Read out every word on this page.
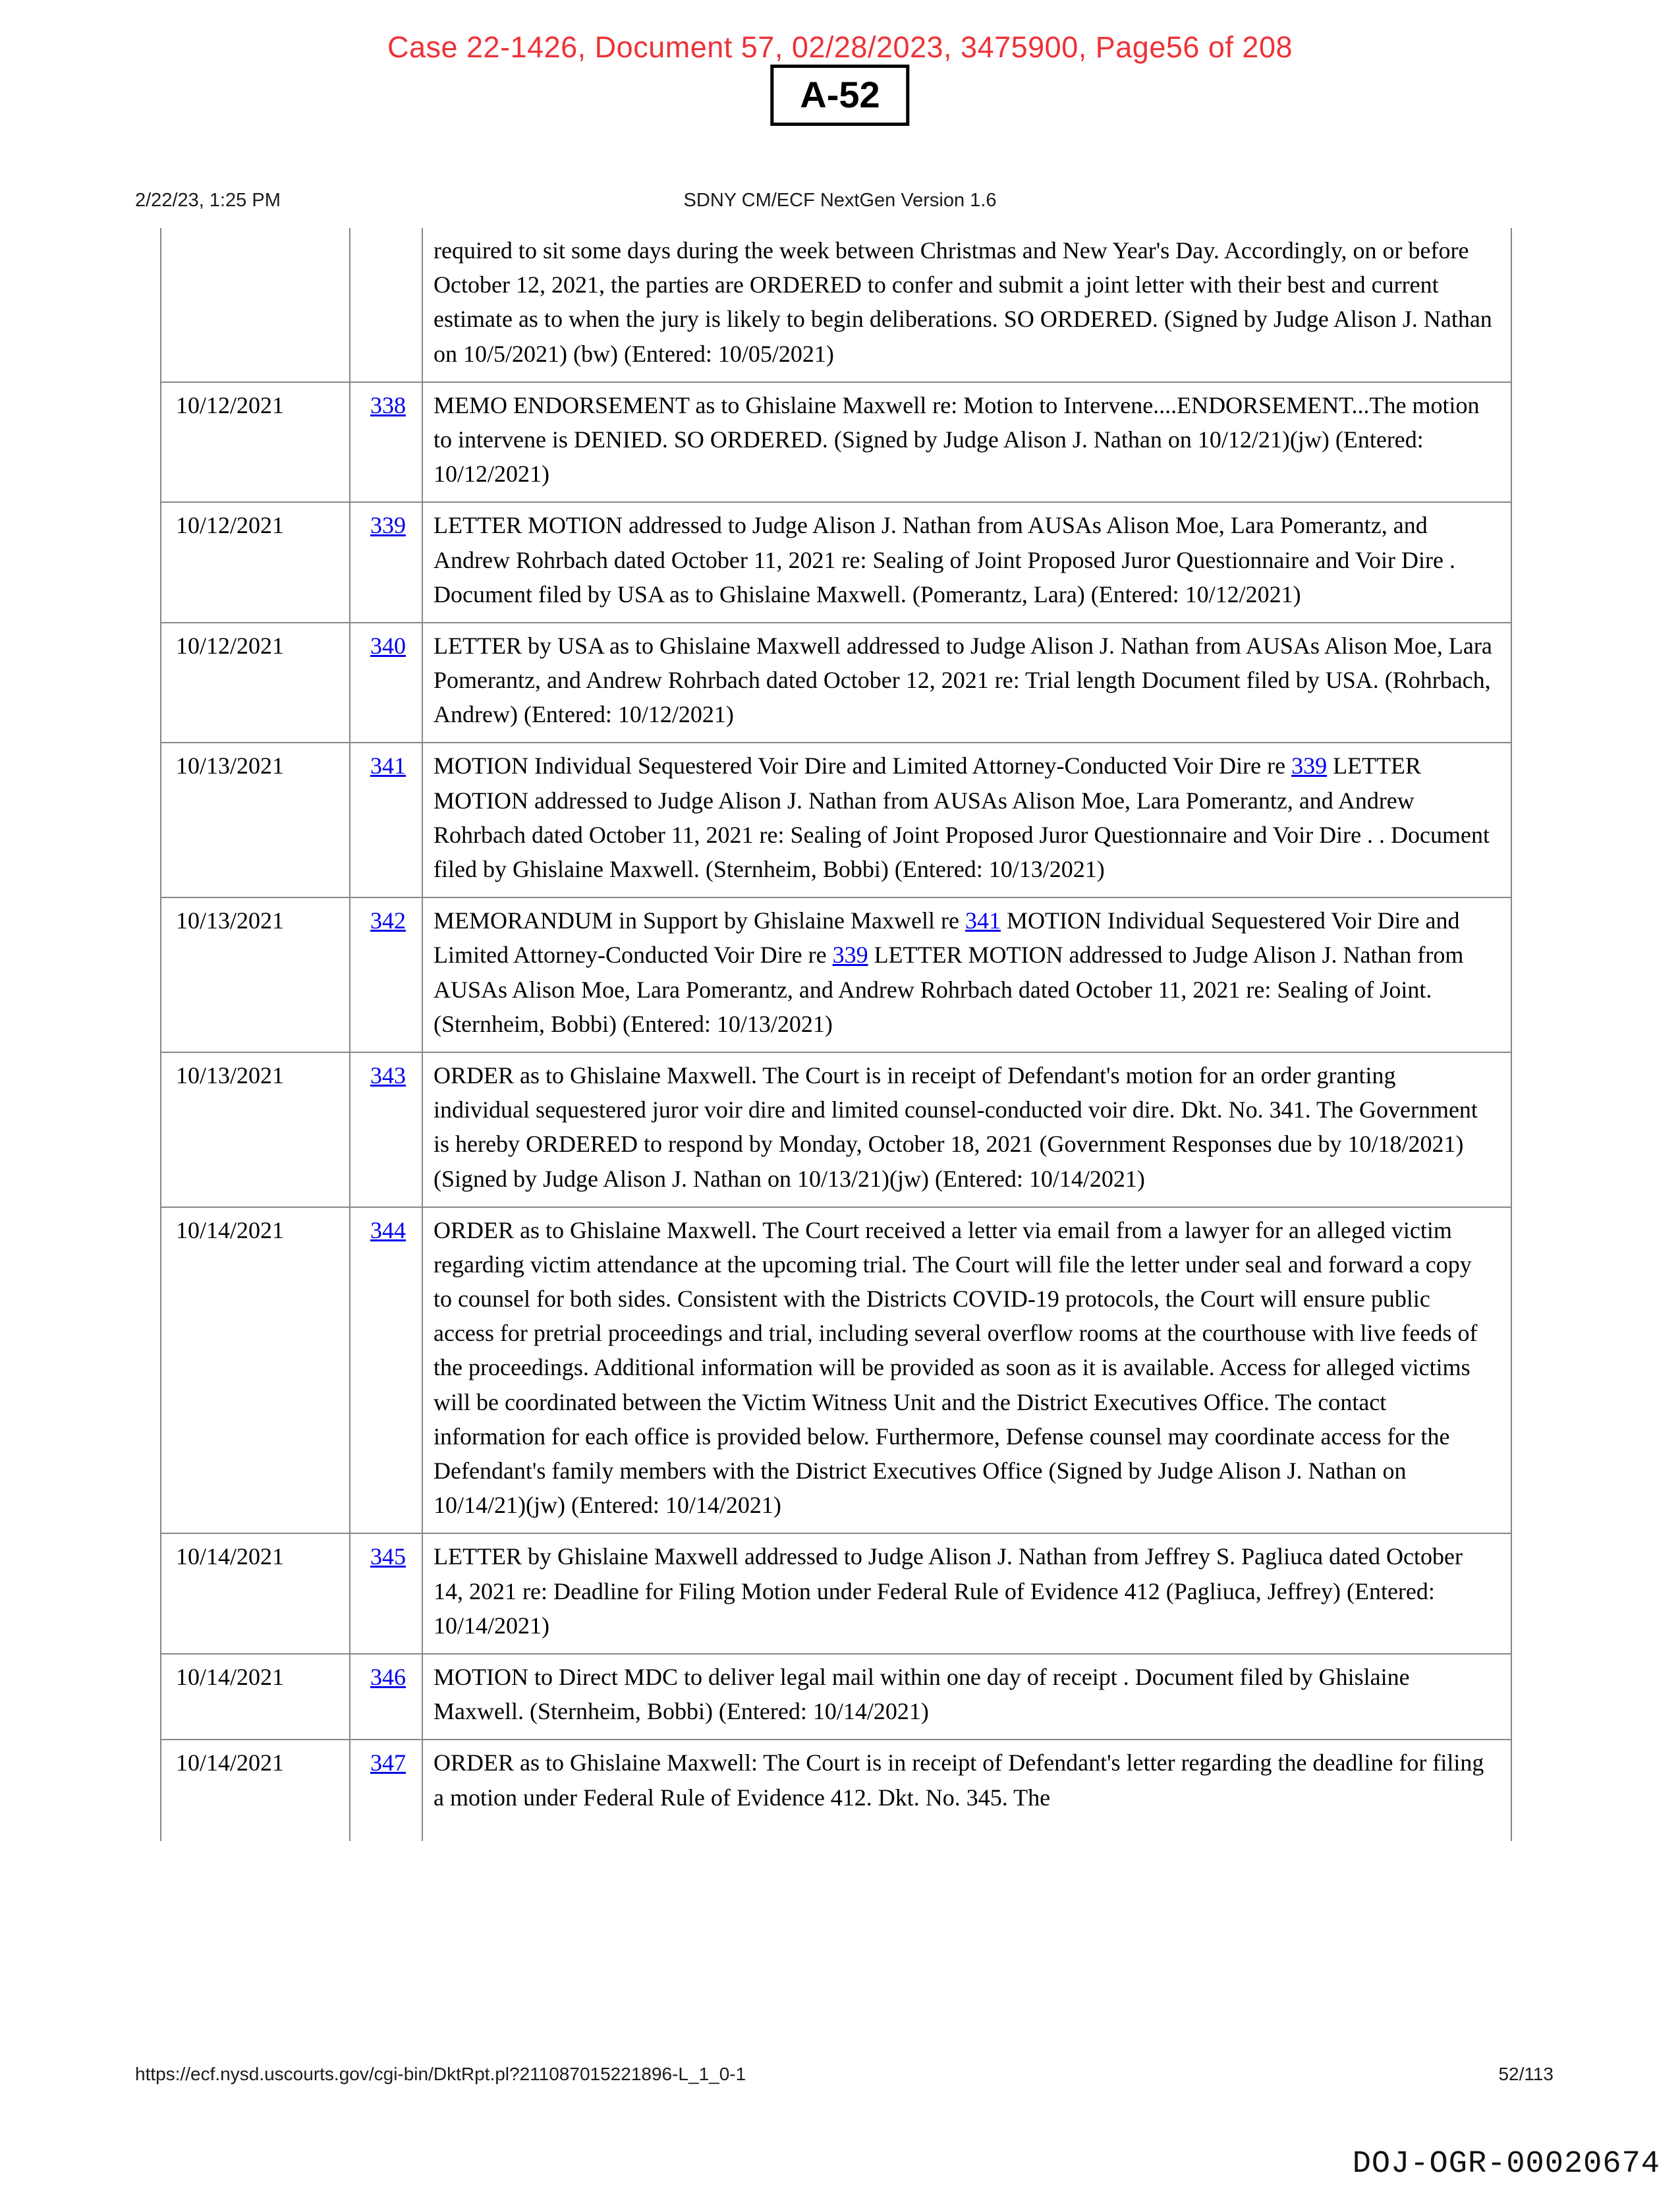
Case 22-1426, Document 57, 02/28/2023, 3475900, Page56 of 208
A-52
2/22/23, 1:25 PM	SDNY CM/ECF NextGen Version 1.6
		required to sit some days during the week between Christmas and New Year's Day. Accordingly, on or before October 12, 2021, the parties are ORDERED to confer and submit a joint letter with their best and current estimate as to when the jury is likely to begin deliberations. SO ORDERED. (Signed by Judge Alison J. Nathan on 10/5/2021) (bw) (Entered: 10/05/2021)
10/12/2021	338	MEMO ENDORSEMENT as to Ghislaine Maxwell re: Motion to Intervene....ENDORSEMENT...The motion to intervene is DENIED. SO ORDERED. (Signed by Judge Alison J. Nathan on 10/12/21)(jw) (Entered: 10/12/2021)
10/12/2021	339	LETTER MOTION addressed to Judge Alison J. Nathan from AUSAs Alison Moe, Lara Pomerantz, and Andrew Rohrbach dated October 11, 2021 re: Sealing of Joint Proposed Juror Questionnaire and Voir Dire . Document filed by USA as to Ghislaine Maxwell. (Pomerantz, Lara) (Entered: 10/12/2021)
10/12/2021	340	LETTER by USA as to Ghislaine Maxwell addressed to Judge Alison J. Nathan from AUSAs Alison Moe, Lara Pomerantz, and Andrew Rohrbach dated October 12, 2021 re: Trial length Document filed by USA. (Rohrbach, Andrew) (Entered: 10/12/2021)
10/13/2021	341	MOTION Individual Sequestered Voir Dire and Limited Attorney-Conducted Voir Dire re 339 LETTER MOTION addressed to Judge Alison J. Nathan from AUSAs Alison Moe, Lara Pomerantz, and Andrew Rohrbach dated October 11, 2021 re: Sealing of Joint Proposed Juror Questionnaire and Voir Dire . . Document filed by Ghislaine Maxwell. (Sternheim, Bobbi) (Entered: 10/13/2021)
10/13/2021	342	MEMORANDUM in Support by Ghislaine Maxwell re 341 MOTION Individual Sequestered Voir Dire and Limited Attorney-Conducted Voir Dire re 339 LETTER MOTION addressed to Judge Alison J. Nathan from AUSAs Alison Moe, Lara Pomerantz, and Andrew Rohrbach dated October 11, 2021 re: Sealing of Joint. (Sternheim, Bobbi) (Entered: 10/13/2021)
10/13/2021	343	ORDER as to Ghislaine Maxwell. The Court is in receipt of Defendant's motion for an order granting individual sequestered juror voir dire and limited counsel-conducted voir dire. Dkt. No. 341. The Government is hereby ORDERED to respond by Monday, October 18, 2021 (Government Responses due by 10/18/2021) (Signed by Judge Alison J. Nathan on 10/13/21)(jw) (Entered: 10/14/2021)
10/14/2021	344	ORDER as to Ghislaine Maxwell. The Court received a letter via email from a lawyer for an alleged victim regarding victim attendance at the upcoming trial. The Court will file the letter under seal and forward a copy to counsel for both sides. Consistent with the Districts COVID-19 protocols, the Court will ensure public access for pretrial proceedings and trial, including several overflow rooms at the courthouse with live feeds of the proceedings. Additional information will be provided as soon as it is available. Access for alleged victims will be coordinated between the Victim Witness Unit and the District Executives Office. The contact information for each office is provided below. Furthermore, Defense counsel may coordinate access for the Defendant's family members with the District Executives Office (Signed by Judge Alison J. Nathan on 10/14/21)(jw) (Entered: 10/14/2021)
10/14/2021	345	LETTER by Ghislaine Maxwell addressed to Judge Alison J. Nathan from Jeffrey S. Pagliuca dated October 14, 2021 re: Deadline for Filing Motion under Federal Rule of Evidence 412 (Pagliuca, Jeffrey) (Entered: 10/14/2021)
10/14/2021	346	MOTION to Direct MDC to deliver legal mail within one day of receipt . Document filed by Ghislaine Maxwell. (Sternheim, Bobbi) (Entered: 10/14/2021)
10/14/2021	347	ORDER as to Ghislaine Maxwell: The Court is in receipt of Defendant's letter regarding the deadline for filing a motion under Federal Rule of Evidence 412. Dkt. No. 345. The
https://ecf.nysd.uscourts.gov/cgi-bin/DktRpt.pl?211087015221896-L_1_0-1	52/113
DOJ-OGR-00020674
